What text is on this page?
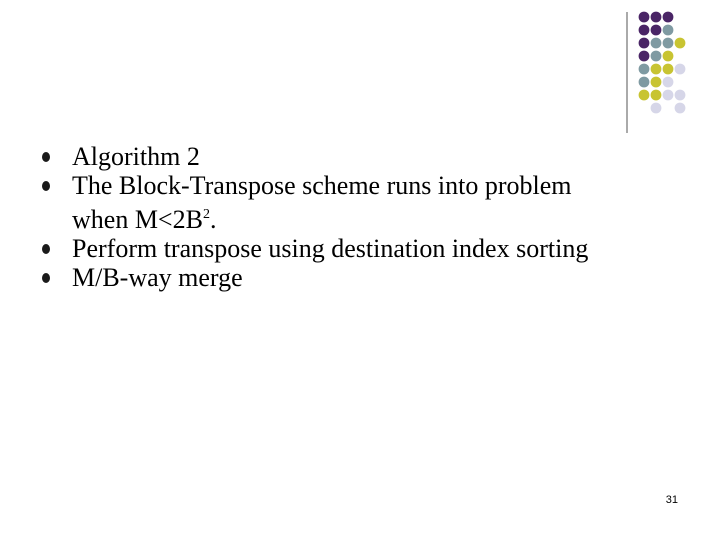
Algorithm 2
The Block-Transpose scheme runs into problem
when $M<2B^2$.
Perform transpose using destination index sorting
M/B-way merge
31
